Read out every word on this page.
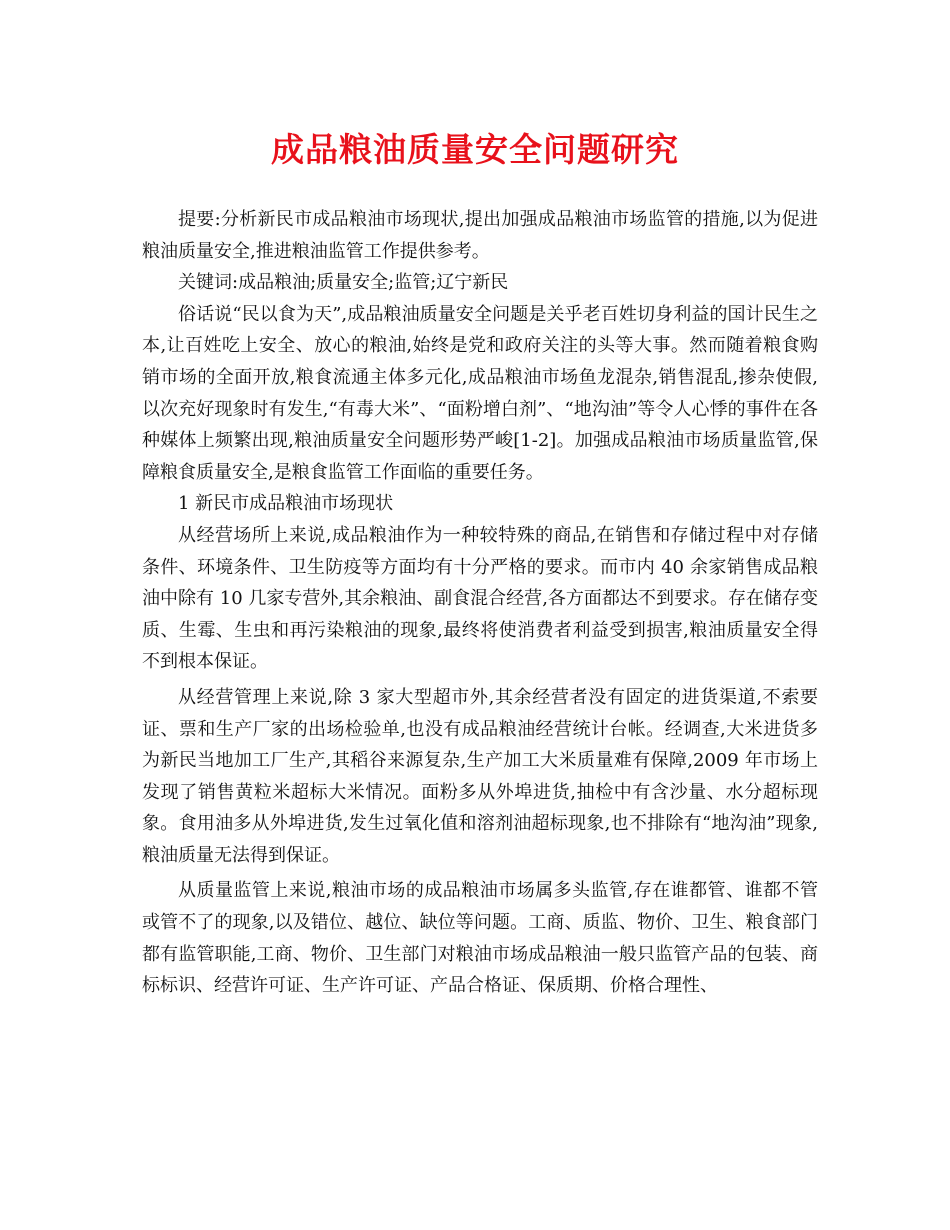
成品粮油质量安全问题研究

提要:分析新民市成品粮油市场现状,提出加强成品粮油市场监管的措施,以为促进粮油质量安全,推进粮油监管工作提供参考。

关键词:成品粮油;质量安全;监管;辽宁新民

俗话说“民以食为天”,成品粮油质量安全问题是关乎老百姓切身利益的国计民生之本,让百姓吃上安全、放心的粮油,始终是党和政府关注的头等大事。然而随着粮食购销市场的全面开放,粮食流通主体多元化,成品粮油市场鱼龙混杂,销售混乱,掺杂使假,以次充好现象时有发生,“有毒大米”、“面粉增白剂”、“地沟油”等令人心悸的事件在各种媒体上频繁出现,粮油质量安全问题形势严峻[1-2]。加强成品粮油市场质量监管,保障粮食质量安全,是粮食监管工作面临的重要任务。

1 新民市成品粮油市场现状

从经营场所上来说,成品粮油作为一种较特殊的商品,在销售和存储过程中对存储条件、环境条件、卫生防疫等方面均有十分严格的要求。而市内 40 余家销售成品粮油中除有 10 几家专营外,其余粮油、副食混合经营,各方面都达不到要求。存在储存变质、生霉、生虫和再污染粮油的现象,最终将使消费者利益受到损害,粮油质量安全得不到根本保证。

从经营管理上来说,除 3 家大型超市外,其余经营者没有固定的进货渠道,不索要证、票和生产厂家的出场检验单,也没有成品粮油经营统计台帐。经调查,大米进货多为新民当地加工厂生产,其稻谷来源复杂,生产加工大米质量难有保障,2009 年市场上发现了销售黄粒米超标大米情况。面粉多从外埠进货,抽检中有含沙量、水分超标现象。食用油多从外埠进货,发生过氧化值和溶剂油超标现象,也不排除有“地沟油”现象,粮油质量无法得到保证。

从质量监管上来说,粮油市场的成品粮油市场属多头监管,存在谁都管、谁都不管或管不了的现象,以及错位、越位、缺位等问题。工商、质监、物价、卫生、粮食部门都有监管职能,工商、物价、卫生部门对粮油市场成品粮油一般只监管产品的包装、商标标识、经营许可证、生产许可证、产品合格证、保质期、价格合理性、
